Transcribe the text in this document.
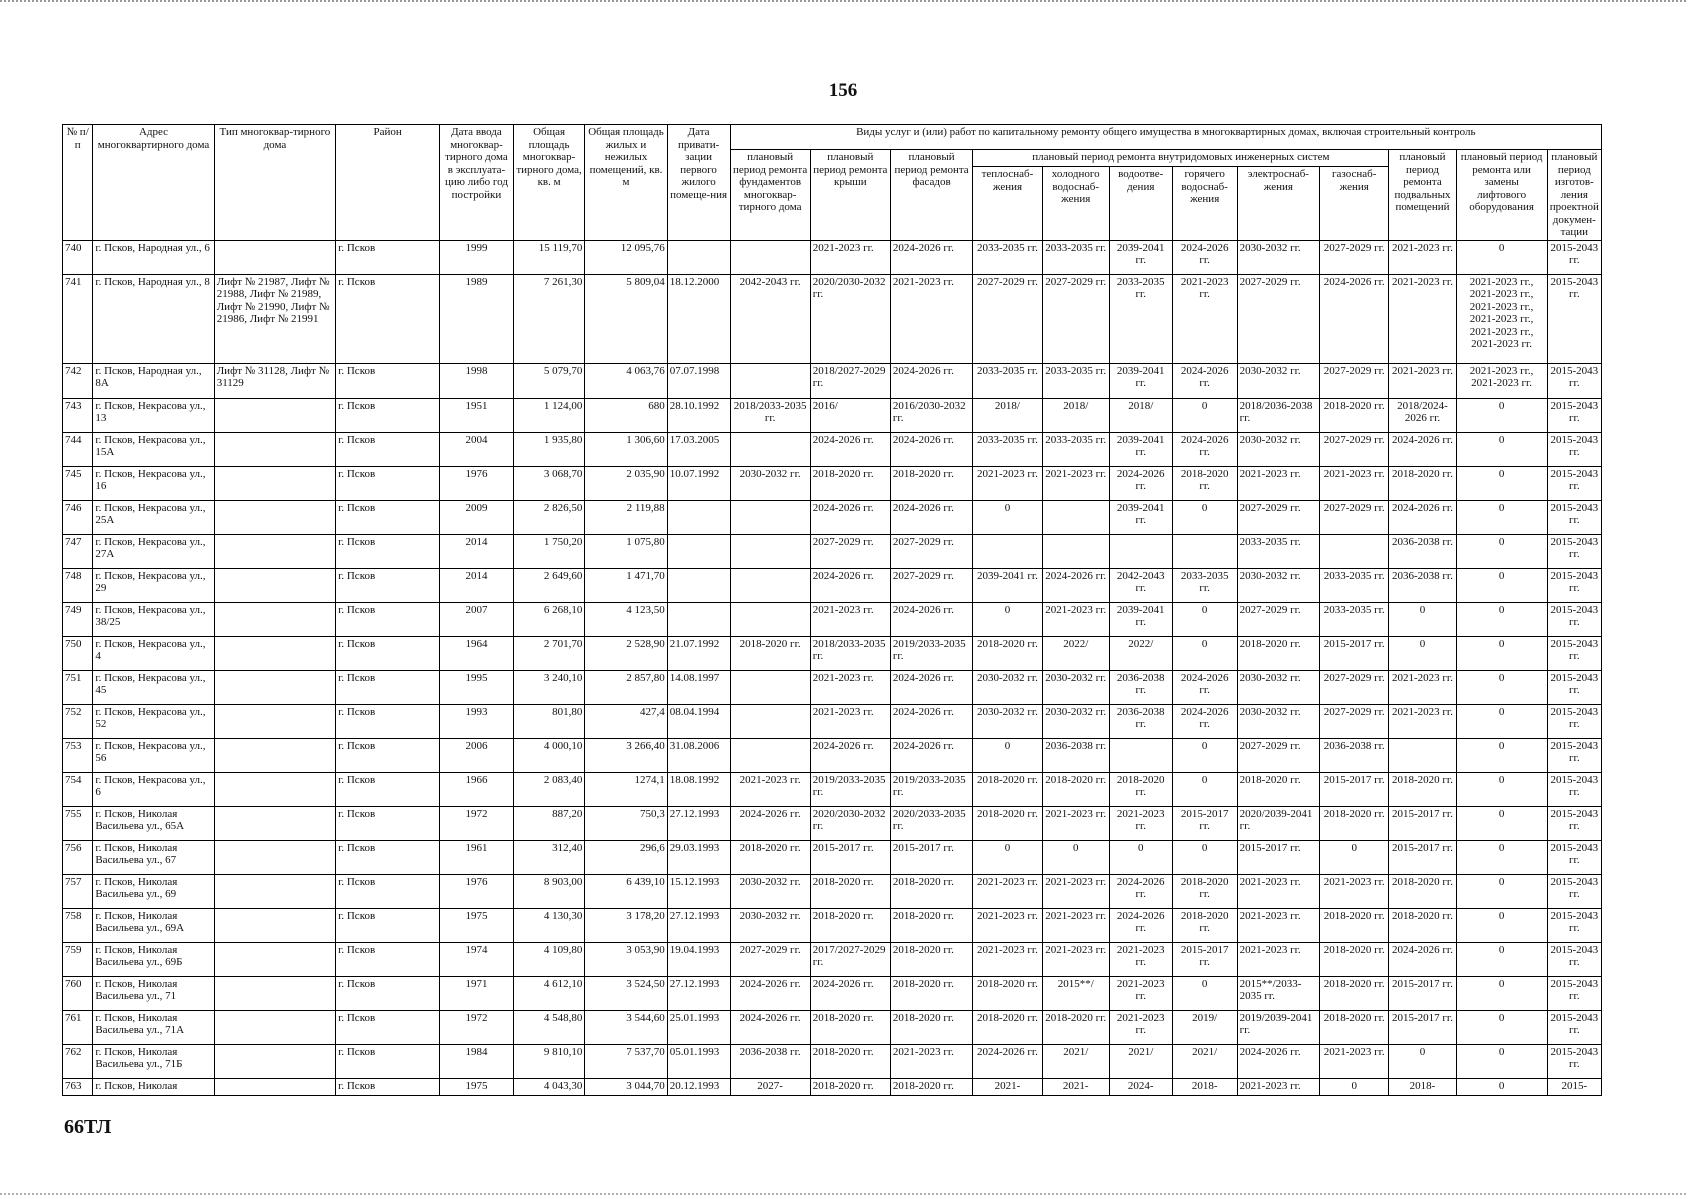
156
№ п/п	Адрес многоквартирного дома	Тип многоквар-тирного дома	Район	Дата ввода многоквар-тирного дома в эксплуата-цию либо год постройки	Общая площадь многоквар-тирного дома, кв. м	Общая площадь жилых и нежилых помещений, кв. м	Дата привати-зации первого жилого помеще-ния	Виды услуг и (или) работ по капитальному ремонту общего имущества в многоквартирных домах, включая строительный контроль											
								плановый период ремонта фундаментов многоквар-тирного дома	плановый период ремонта крыши	плановый период ремонта фасадов	плановый период ремонта внутридомовых инженерных систем						плановый период ремонта подвальных помещений	плановый период ремонта или замены лифтового оборудования	плановый период изготов-ления проектной докумен-тации
											теплоснаб-жения	холодного водоснаб-жения	водоотве-дения	горячего водоснаб-жения	электроснаб-жения	газоснаб-жения			
740	г. Псков, Народная ул., 6		г. Псков	1999	15 119,70	12 095,76			2021-2023 гг.	2024-2026 гг.	2033-2035 гг.	2033-2035 гг.	2039-2041 гг.	2024-2026 гг.	2030-2032 гг.	2027-2029 гг.	2021-2023 гг.	0	2015-2043 гг.
741	г. Псков, Народная ул., 8	Лифт № 21987, Лифт № 21988, Лифт № 21989, Лифт № 21990, Лифт № 21986, Лифт № 21991	г. Псков	1989	7 261,30	5 809,04	18.12.2000	2042-2043 гг.	2020/2030-2032 гг.	2021-2023 гг.	2027-2029 гг.	2027-2029 гг.	2033-2035 гг.	2021-2023 гг.	2027-2029 гг.	2024-2026 гг.	2021-2023 гг.	2021-2023 гг., 2021-2023 гг., 2021-2023 гг., 2021-2023 гг., 2021-2023 гг., 2021-2023 гг.	2015-2043 гг.
742	г. Псков, Народная ул., 8А	Лифт № 31128, Лифт № 31129	г. Псков	1998	5 079,70	4 063,76	07.07.1998		2018/2027-2029 гг.	2024-2026 гг.	2033-2035 гг.	2033-2035 гг.	2039-2041 гг.	2024-2026 гг.	2030-2032 гг.	2027-2029 гг.	2021-2023 гг.	2021-2023 гг., 2021-2023 гг.	2015-2043 гг.
743	г. Псков, Некрасова ул., 13		г. Псков	1951	1 124,00	680	28.10.1992	2018/2033-2035 гг.	2016/	2016/2030-2032 гг.	2018/	2018/	2018/	0	2018/2036-2038 гг.	2018-2020 гг.	2018/2024-2026 гг.	0	2015-2043 гг.
744	г. Псков, Некрасова ул., 15А		г. Псков	2004	1 935,80	1 306,60	17.03.2005		2024-2026 гг.	2024-2026 гг.	2033-2035 гг.	2033-2035 гг.	2039-2041 гг.	2024-2026 гг.	2030-2032 гг.	2027-2029 гг.	2024-2026 гг.	0	2015-2043 гг.
745	г. Псков, Некрасова ул., 16		г. Псков	1976	3 068,70	2 035,90	10.07.1992	2030-2032 гг.	2018-2020 гг.	2018-2020 гг.	2021-2023 гг.	2021-2023 гг.	2024-2026 гг.	2018-2020 гг.	2021-2023 гг.	2021-2023 гг.	2018-2020 гг.	0	2015-2043 гг.
746	г. Псков, Некрасова ул., 25А		г. Псков	2009	2 826,50	2 119,88			2024-2026 гг.	2024-2026 гг.	0		2039-2041 гг.	0	2027-2029 гг.	2027-2029 гг.	2024-2026 гг.	0	2015-2043 гг.
747	г. Псков, Некрасова ул., 27А		г. Псков	2014	1 750,20	1 075,80			2027-2029 гг.	2027-2029 гг.					2033-2035 гг.		2036-2038 гг.	0	2015-2043 гг.
748	г. Псков, Некрасова ул., 29		г. Псков	2014	2 649,60	1 471,70			2024-2026 гг.	2027-2029 гг.	2039-2041 гг.	2024-2026 гг.	2042-2043 гг.	2033-2035 гг.	2030-2032 гг.	2033-2035 гг.	2036-2038 гг.	0	2015-2043 гг.
749	г. Псков, Некрасова ул., 38/25		г. Псков	2007	6 268,10	4 123,50			2021-2023 гг.	2024-2026 гг.	0	2021-2023 гг.	2039-2041 гг.	0	2027-2029 гг.	2033-2035 гг.	0	0	2015-2043 гг.
750	г. Псков, Некрасова ул., 4		г. Псков	1964	2 701,70	2 528,90	21.07.1992	2018-2020 гг.	2018/2033-2035 гг.	2019/2033-2035 гг.	2018-2020 гг.	2022/	2022/	0	2018-2020 гг.	2015-2017 гг.	0	0	2015-2043 гг.
751	г. Псков, Некрасова ул., 45		г. Псков	1995	3 240,10	2 857,80	14.08.1997		2021-2023 гг.	2024-2026 гг.	2030-2032 гг.	2030-2032 гг.	2036-2038 гг.	2024-2026 гг.	2030-2032 гг.	2027-2029 гг.	2021-2023 гг.	0	2015-2043 гг.
752	г. Псков, Некрасова ул., 52		г. Псков	1993	801,80	427,4	08.04.1994		2021-2023 гг.	2024-2026 гг.	2030-2032 гг.	2030-2032 гг.	2036-2038 гг.	2024-2026 гг.	2030-2032 гг.	2027-2029 гг.	2021-2023 гг.	0	2015-2043 гг.
753	г. Псков, Некрасова ул., 56		г. Псков	2006	4 000,10	3 266,40	31.08.2006		2024-2026 гг.	2024-2026 гг.	0	2036-2038 гг.		0	2027-2029 гг.	2036-2038 гг.		0	2015-2043 гг.
754	г. Псков, Некрасова ул., 6		г. Псков	1966	2 083,40	1274,1	18.08.1992	2021-2023 гг.	2019/2033-2035 гг.	2019/2033-2035 гг.	2018-2020 гг.	2018-2020 гг.	2018-2020 гг.	0	2018-2020 гг.	2015-2017 гг.	2018-2020 гг.	0	2015-2043 гг.
755	г. Псков, Николая Васильева ул., 65А		г. Псков	1972	887,20	750,3	27.12.1993	2024-2026 гг.	2020/2030-2032 гг.	2020/2033-2035 гг.	2018-2020 гг.	2021-2023 гг.	2021-2023 гг.	2015-2017 гг.	2020/2039-2041 гг.	2018-2020 гг.	2015-2017 гг.	0	2015-2043 гг.
756	г. Псков, Николая Васильева ул., 67		г. Псков	1961	312,40	296,6	29.03.1993	2018-2020 гг.	2015-2017 гг.	2015-2017 гг.	0	0	0	0	2015-2017 гг.	0	2015-2017 гг.	0	2015-2043 гг.
757	г. Псков, Николая Васильева ул., 69		г. Псков	1976	8 903,00	6 439,10	15.12.1993	2030-2032 гг.	2018-2020 гг.	2018-2020 гг.	2021-2023 гг.	2021-2023 гг.	2024-2026 гг.	2018-2020 гг.	2021-2023 гг.	2021-2023 гг.	2018-2020 гг.	0	2015-2043 гг.
758	г. Псков, Николая Васильева ул., 69А		г. Псков	1975	4 130,30	3 178,20	27.12.1993	2030-2032 гг.	2018-2020 гг.	2018-2020 гг.	2021-2023 гг.	2021-2023 гг.	2024-2026 гг.	2018-2020 гг.	2021-2023 гг.	2018-2020 гг.	2018-2020 гг.	0	2015-2043 гг.
759	г. Псков, Николая Васильева ул., 69Б		г. Псков	1974	4 109,80	3 053,90	19.04.1993	2027-2029 гг.	2017/2027-2029 гг.	2018-2020 гг.	2021-2023 гг.	2021-2023 гг.	2021-2023 гг.	2015-2017 гг.	2021-2023 гг.	2018-2020 гг.	2024-2026 гг.	0	2015-2043 гг.
760	г. Псков, Николая Васильева ул., 71		г. Псков	1971	4 612,10	3 524,50	27.12.1993	2024-2026 гг.	2024-2026 гг.	2018-2020 гг.	2018-2020 гг.	2015**/	2021-2023 гг.	0	2015**/2033-2035 гг.	2018-2020 гг.	2015-2017 гг.	0	2015-2043 гг.
761	г. Псков, Николая Васильева ул., 71А		г. Псков	1972	4 548,80	3 544,60	25.01.1993	2024-2026 гг.	2018-2020 гг.	2018-2020 гг.	2018-2020 гг.	2018-2020 гг.	2021-2023 гг.	2019/	2019/2039-2041 гг.	2018-2020 гг.	2015-2017 гг.	0	2015-2043 гг.
762	г. Псков, Николая Васильева ул., 71Б		г. Псков	1984	9 810,10	7 537,70	05.01.1993	2036-2038 гг.	2018-2020 гг.	2021-2023 гг.	2024-2026 гг.	2021/	2021/	2021/	2024-2026 гг.	2021-2023 гг.	0	0	2015-2043 гг.
763	г. Псков, Николая		г. Псков	1975	4 043,30	3 044,70	20.12.1993	2027-	2018-2020 гг.	2018-2020 гг.	2021-	2021-	2024-	2018-	2021-2023 гг.	0	2018-	0	2015-
66ТЛ
